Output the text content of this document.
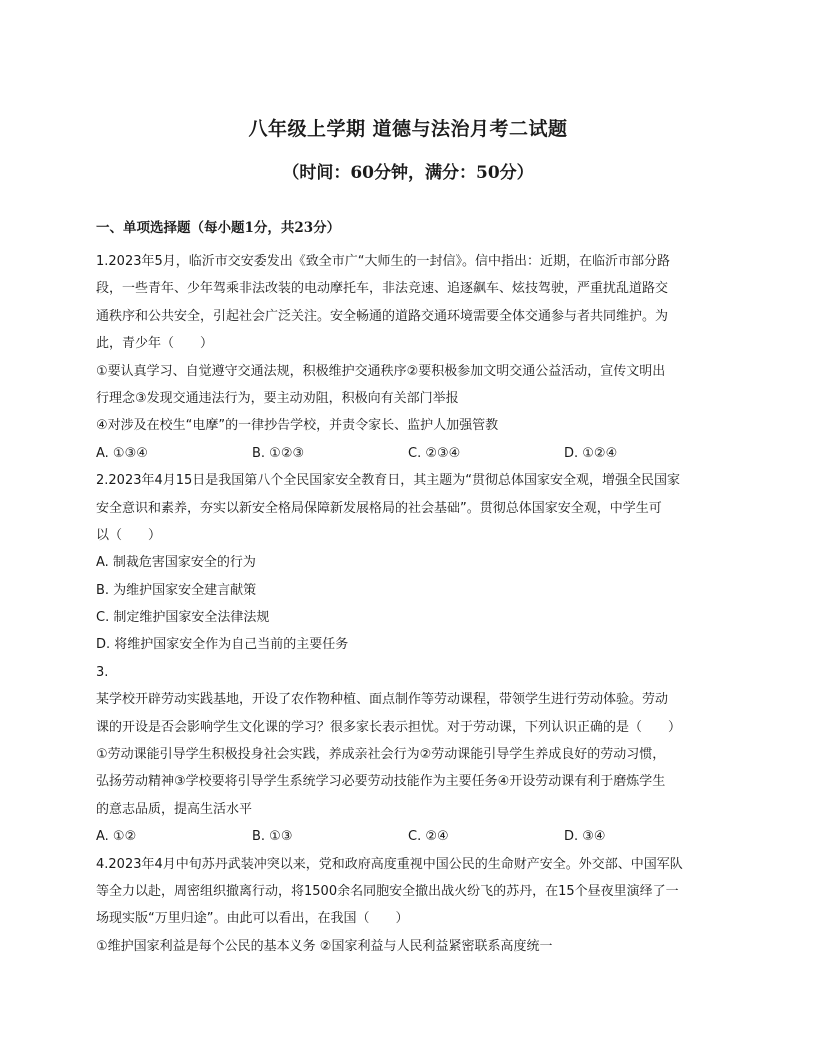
八年级上学期 道德与法治月考二试题
（时间：60分钟，满分：50分）
一、单项选择题（每小题1分，共23分）
1.2023年5月，临沂市交安委发出《致全市广“大师生的一封信》。信中指出：近期，在临沂市部分路
段，一些青年、少年驾乘非法改装的电动摩托车，非法竞速、追逐飙车、炫技驾驶，严重扰乱道路交
通秩序和公共安全，引起社会广泛关注。安全畅通的道路交通环境需要全体交通参与者共同维护。为
此，青少年（　　）
①要认真学习、自觉遵守交通法规，积极维护交通秩序②要积极参加文明交通公益活动，宣传文明出
行理念③发现交通违法行为，要主动劝阻，积极向有关部门举报
④对涉及在校生“电摩”的一律抄告学校，并责令家长、监护人加强管教
A. ①③④	B. ①②③	C. ②③④	D. ①②④
2.2023年4月15日是我国第八个全民国家安全教育日，其主题为“贯彻总体国家安全观，增强全民国家
安全意识和素养，夯实以新安全格局保障新发展格局的社会基础”。贯彻总体国家安全观，中学生可
以（　　）
A. 制裁危害国家安全的行为
B. 为维护国家安全建言献策
C. 制定维护国家安全法律法规
D. 将维护国家安全作为自己当前的主要任务
3.
某学校开辟劳动实践基地，开设了农作物种植、面点制作等劳动课程，带领学生进行劳动体验。劳动
课的开设是否会影响学生文化课的学习？很多家长表示担忧。对于劳动课，下列认识正确的是（　　）
①劳动课能引导学生积极投身社会实践，养成亲社会行为②劳动课能引导学生养成良好的劳动习惯，
弘扬劳动精神③学校要将引导学生系统学习必要劳动技能作为主要任务④开设劳动课有利于磨炼学生
的意志品质，提高生活水平
A. ①②	B. ①③	C. ②④	D. ③④
4.2023年4月中旬苏丹武装冲突以来，党和政府高度重视中国公民的生命财产安全。外交部、中国军队
等全力以赴，周密组织撤离行动，将1500余名同胞安全撤出战火纷飞的苏丹，在15个昼夜里演绎了一
场现实版“万里归途”。由此可以看出，在我国（　　）
①维护国家利益是每个公民的基本义务 ②国家利益与人民利益紧密联系高度统一
